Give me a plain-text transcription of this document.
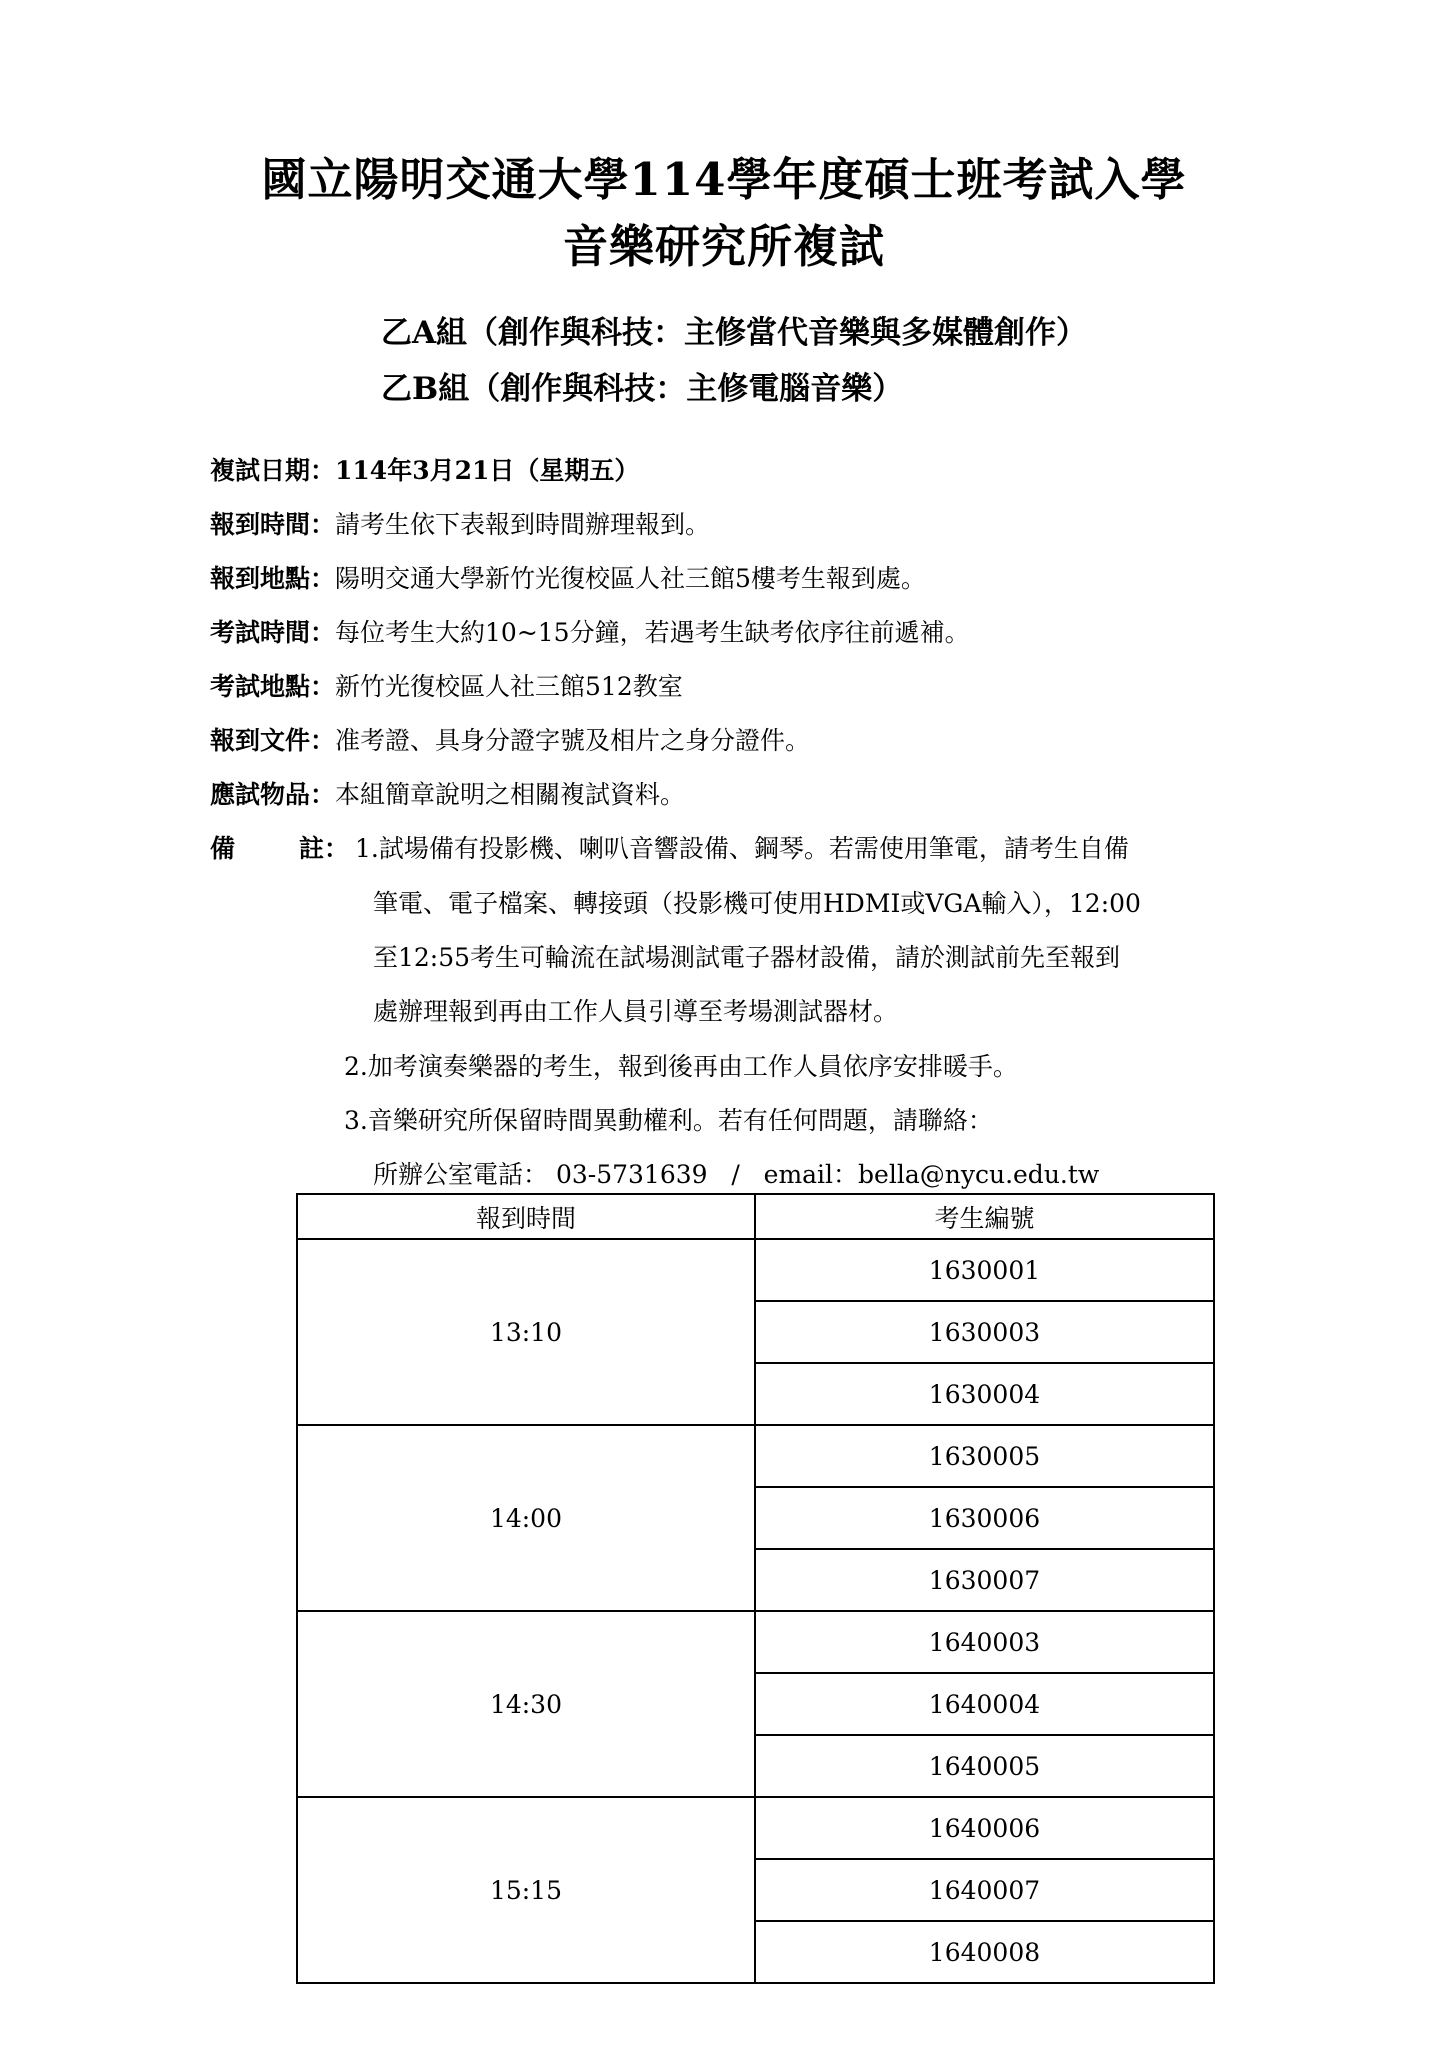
國立陽明交通大學114學年度碩士班考試入學
音樂研究所複試
乙A組（創作與科技：主修當代音樂與多媒體創作）
乙B組（創作與科技：主修電腦音樂）
複試日期：114年3月21日（星期五）
報到時間：請考生依下表報到時間辦理報到。
報到地點：陽明交通大學新竹光復校區人社三館5樓考生報到處。
考試時間：每位考生大約10~15分鐘，若遇考生缺考依序往前遞補。
考試地點：新竹光復校區人社三館512教室
報到文件：准考證、具身分證字號及相片之身分證件。
應試物品：本組簡章說明之相關複試資料。
備	註： 1.試場備有投影機、喇叭音響設備、鋼琴。若需使用筆電，請考生自備
筆電、電子檔案、轉接頭（投影機可使用HDMI或VGA輸入），12:00
至12:55考生可輪流在試場測試電子器材設備，請於測試前先至報到
處辦理報到再由工作人員引導至考場測試器材。
2.加考演奏樂器的考生，報到後再由工作人員依序安排暖手。
3.音樂研究所保留時間異動權利。若有任何問題，請聯絡：
所辦公室電話： 03-5731639   /   email：bella@nycu.edu.tw
報到時間	考生編號
13:10	1630001
	1630003
	1630004
14:00	1630005
	1630006
	1630007
14:30	1640003
	1640004
	1640005
15:15	1640006
	1640007
	1640008
